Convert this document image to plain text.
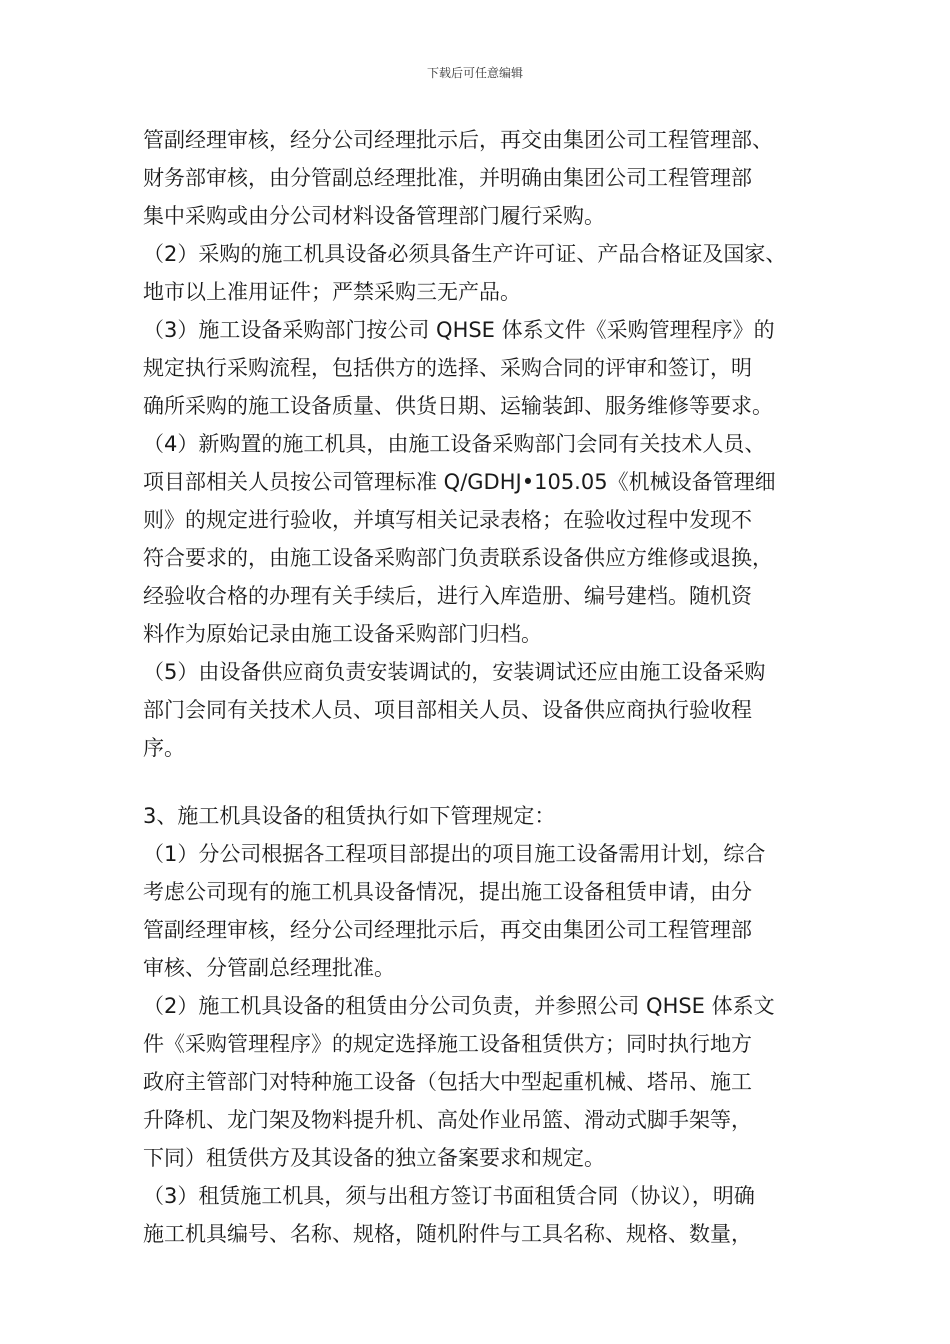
下载后可任意编辑

管副经理审核，经分公司经理批示后，再交由集团公司工程管理部、

财务部审核，由分管副总经理批准，并明确由集团公司工程管理部

集中采购或由分公司材料设备管理部门履行采购。

（2）采购的施工机具设备必须具备生产许可证、产品合格证及国家、

地市以上准用证件；严禁采购三无产品。

（3）施工设备采购部门按公司 QHSE 体系文件《采购管理程序》的

规定执行采购流程，包括供方的选择、采购合同的评审和签订，明

确所采购的施工设备质量、供货日期、运输装卸、服务维修等要求。

（4）新购置的施工机具，由施工设备采购部门会同有关技术人员、

项目部相关人员按公司管理标准 Q/GDHJ•105.05《机械设备管理细

则》的规定进行验收，并填写相关记录表格；在验收过程中发现不

符合要求的，由施工设备采购部门负责联系设备供应方维修或退换，

经验收合格的办理有关手续后，进行入库造册、编号建档。随机资

料作为原始记录由施工设备采购部门归档。

（5）由设备供应商负责安装调试的，安装调试还应由施工设备采购

部门会同有关技术人员、项目部相关人员、设备供应商执行验收程

序。

3、施工机具设备的租赁执行如下管理规定：

（1）分公司根据各工程项目部提出的项目施工设备需用计划，综合

考虑公司现有的施工机具设备情况，提出施工设备租赁申请，由分

管副经理审核，经分公司经理批示后，再交由集团公司工程管理部

审核、分管副总经理批准。

（2）施工机具设备的租赁由分公司负责，并参照公司 QHSE 体系文

件《采购管理程序》的规定选择施工设备租赁供方；同时执行地方

政府主管部门对特种施工设备（包括大中型起重机械、塔吊、施工

升降机、龙门架及物料提升机、高处作业吊篮、滑动式脚手架等，

下同）租赁供方及其设备的独立备案要求和规定。

（3）租赁施工机具，须与出租方签订书面租赁合同（协议），明确

施工机具编号、名称、规格，随机附件与工具名称、规格、数量，
